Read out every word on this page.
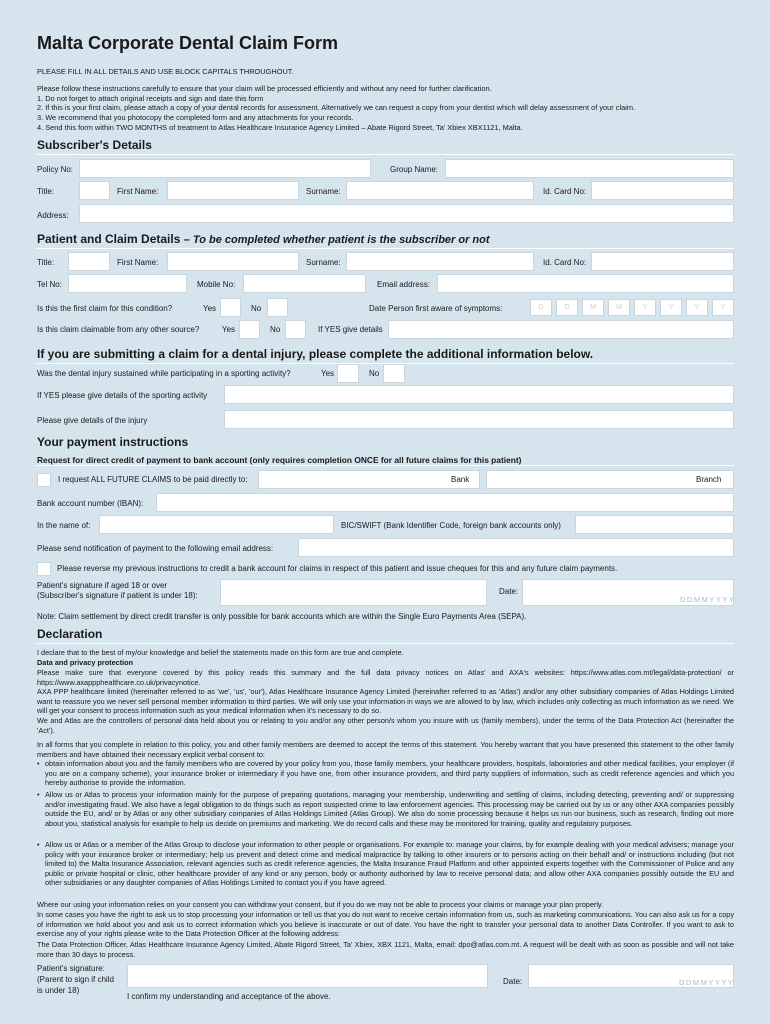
Malta Corporate Dental Claim Form
PLEASE FILL IN ALL DETAILS AND USE BLOCK CAPITALS THROUGHOUT.
Please follow these instructions carefully to ensure that your claim will be processed efficiently and without any need for further clarification.
1. Do not forget to attach original receipts and sign and date this form
2. If this is your first claim, please attach a copy of your dental records for assessment. Alternatively we can request a copy from your dentist which will delay assessment of your claim.
3. We recommend that you photocopy the completed form and any attachments for your records.
4. Send this form within TWO MONTHS of treatment to Atlas Healthcare Insurance Agency Limited – Abate Rigord Street, Ta' Xbiex XBX1121, Malta.
Subscriber's Details
Policy No:	Group Name:
Title:	First Name:	Surname:	Id. Card No:
Address:
Patient and Claim Details – To be completed whether patient is the subscriber or not
Title:	First Name:	Surname:	Id. Card No:
Tel No:	Mobile No:	Email address:
Is this the first claim for this condition?	Yes	No	Date Person first aware of symptoms:	D	D	M	M	Y	Y	Y	Y
Is this claim claimable from any other source?	Yes	No	If YES give details
If you are submitting a claim for a dental injury, please complete the additional information below.
Was the dental injury sustained while participating in a sporting activity?	Yes	No
If YES please give details of the sporting activity
Please give details of the injury
Your payment instructions
Request for direct credit of payment to bank account (only requires completion ONCE for all future claims for this patient)
I request ALL FUTURE CLAIMS to be paid directly to:	Bank	Branch
Bank account number (IBAN):
In the name of:	BIC/SWIFT (Bank Identifier Code, foreign bank accounts only)
Please send notification of payment to the following email address:
Please reverse my previous instructions to credit a bank account for claims in respect of this patient and issue cheques for this and any future claim payments.
Patient's signature if aged 18 or over
(Subscriber's signature if patient is under 18):	Date:
DDMMYYYY
Note: Claim settlement by direct credit transfer is only possible for bank accounts which are within the Single Euro Payments Area (SEPA).
Declaration
I declare that to the best of my/our knowledge and belief the statements made on this form are true and complete.
Data and privacy protection
Please make sure that everyone covered by this policy reads this summary and the full data privacy notices on Atlas' and AXA's websites: https://www.atlas.com.mt/legal/data-protection/ or https://www.axappphealthcare.co.uk/privacynotice.
AXA PPP healthcare limited (hereinafter referred to as 'we', 'us', 'our'), Atlas Healthcare Insurance Agency Limited (hereinafter referred to as 'Atlas') and/or any other subsidiary companies of Atlas Holdings Limited want to reassure you we never sell personal member information to third parties. We will only use your information in ways we are allowed to by law, which includes only collecting as much information as we need. We will get your consent to process information such as your medical information when it's necessary to do so.
We and Atlas are the controllers of personal data held about you or relating to you and/or any other person/s whom you insure with us (family members), under the terms of the Data Protection Act (hereinafter the 'Act').
In all forms that you complete in relation to this policy, you and other family members are deemed to accept the terms of this statement. You hereby warrant that you have presented this statement to the other family members and have obtained their necessary explicit verbal consent to:
• obtain information about you and the family members who are covered by your policy from you, those family members, your healthcare providers, hospitals, laboratories and other medical facilities, your employer (if you are on a company scheme), your insurance broker or intermediary if you have one, from other insurance providers, and third party suppliers of information, such as credit reference agencies and which you hereby authorise to provide the information.
• Allow us or Atlas to process your information mainly for the purpose of preparing quotations, managing your membership, underwriting and settling of claims, including detecting, preventing and/ or suppressing and/or investigating fraud. We also have a legal obligation to do things such as report suspected crime to law enforcement agencies. This processing may be carried out by us or any other AXA companies possibly outside the EU, and/ or by Atlas or any other subsidiary companies of Atlas Holdings Limited (Atlas Group). We also do some processing because it helps us run our business, such as research, finding out more about you, statistical analysis for example to help us decide on premiums and marketing. We do record calls and these may be monitored for training, quality and regulatory purposes.
• Allow us or Atlas or a member of the Atlas Group to disclose your information to other people or organisations. For example to: manage your claims, by for example dealing with your medical advisers; manage your policy with your insurance broker or intermediary; help us prevent and detect crime and medical malpractice by talking to other insurers or to persons acting on their behalf and/ or instructions including (but not limited to) the Malta Insurance Association, relevant agencies such as credit reference agencies, the Malta Insurance Fraud Platform and other appointed experts together with the Commissioner of Police and any public or private hospital or clinic, other healthcare provider of any kind or any person, body or authority authorised by law to receive personal data; and allow other AXA companies possibly outside the EU and other subsidiaries or any daughter companies of Atlas Holdings Limited to contact you if you have agreed.
Where our using your information relies on your consent you can withdraw your consent, but if you do we may not be able to process your claims or manage your plan properly.
In some cases you have the right to ask us to stop processing your information or tell us that you do not want to receive certain information from us, such as marketing communications. You can also ask us for a copy of information we hold about you and ask us to correct information which you believe is inaccurate or out of date. You have the right to transfer your personal data to another Data Controller. If you want to ask to exercise any of your rights please write to the Data Protection Officer at the following address:
The Data Protection Officer, Atlas Healthcare Insurance Agency Limited, Abate Rigord Street, Ta' Xbiex, XBX 1121, Malta, email: dpo@atlas.com.mt. A request will be dealt with as soon as possible and will not take more than 30 days to process.
Patient's signature:
(Parent to sign if child
is under 18)
Date:	DDMMYYYY
I confirm my understanding and acceptance of the above.
